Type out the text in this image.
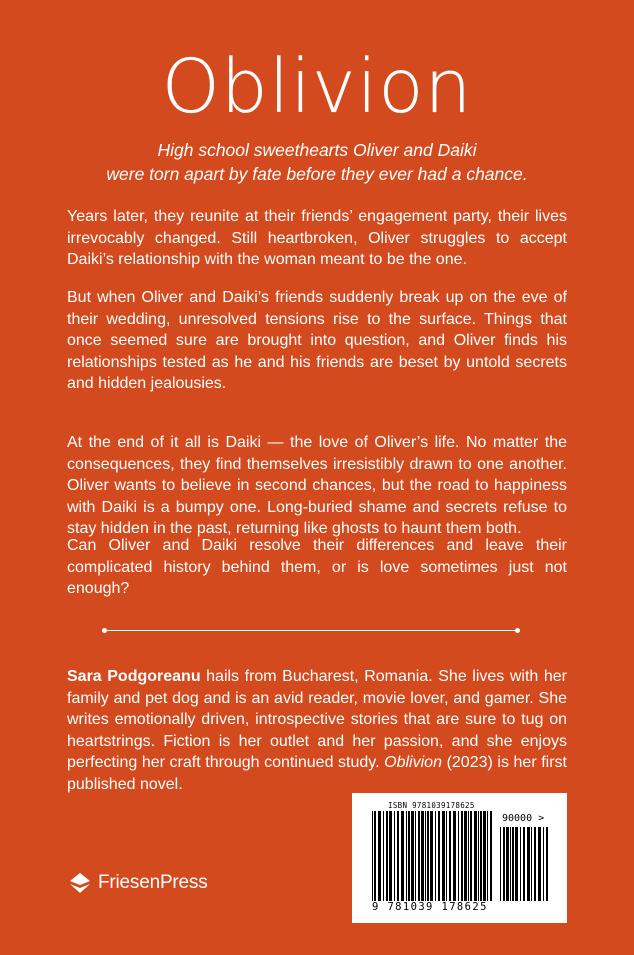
Oblivion
High school sweethearts Oliver and Daiki
were torn apart by fate before they ever had a chance.

Years later, they reunite at their friends’ engagement party, their lives irrevocably changed. Still heartbroken, Oliver struggles to accept Daiki’s relationship with the woman meant to be the one.

But when Oliver and Daiki’s friends suddenly break up on the eve of their wedding, unresolved tensions rise to the surface. Things that once seemed sure are brought into question, and Oliver finds his relationships tested as he and his friends are beset by untold secrets and hidden jealousies.

At the end of it all is Daiki — the love of Oliver’s life. No matter the consequences, they find themselves irresistibly drawn to one another. Oliver wants to believe in second chances, but the road to happiness with Daiki is a bumpy one. Long-buried shame and secrets refuse to stay hidden in the past, returning like ghosts to haunt them both.

Can Oliver and Daiki resolve their differences and leave their complicated history behind them, or is love sometimes just not enough?

Sara Podgoreanu hails from Bucharest, Romania. She lives with her family and pet dog and is an avid reader, movie lover, and gamer. She writes emotionally driven, introspective stories that are sure to tug on heartstrings. Fiction is her outlet and her passion, and she enjoys perfecting her craft through continued study. Oblivion (2023) is her first published novel.
FriesenPress
ISBN 9781039178625
90000 >
9 781039 178625
